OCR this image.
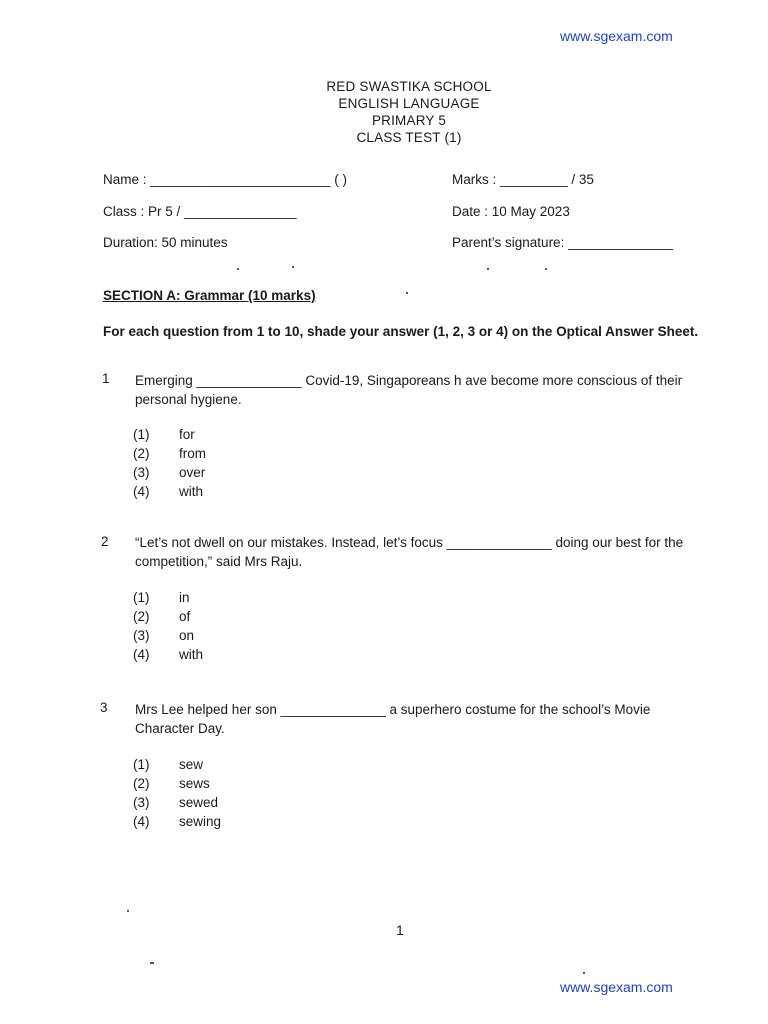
www.sgexam.com
RED SWASTIKA SCHOOL
ENGLISH LANGUAGE
PRIMARY 5
CLASS TEST (1)
Name : ________________________ ( )	Marks : _________ / 35
Class : Pr 5 / _______________	Date : 10 May 2023
Duration: 50 minutes	Parent’s signature: ______________
SECTION A: Grammar (10 marks)
For each question from 1 to 10, shade your answer (1, 2, 3 or 4) on the Optical Answer Sheet.
1 Emerging ______________ Covid-19, Singaporeans h ave become more conscious of their personal hygiene.
(1)	for
(2)	from
(3)	over
(4)	with
2 “Let’s not dwell on our mistakes. Instead, let’s focus ______________ doing our best for the competition,” said Mrs Raju.
(1)	in
(2)	of
(3)	on
(4)	with
3 Mrs Lee helped her son ______________ a superhero costume for the school’s Movie Character Day.
(1)	sew
(2)	sews
(3)	sewed
(4)	sewing
1
www.sgexam.com
